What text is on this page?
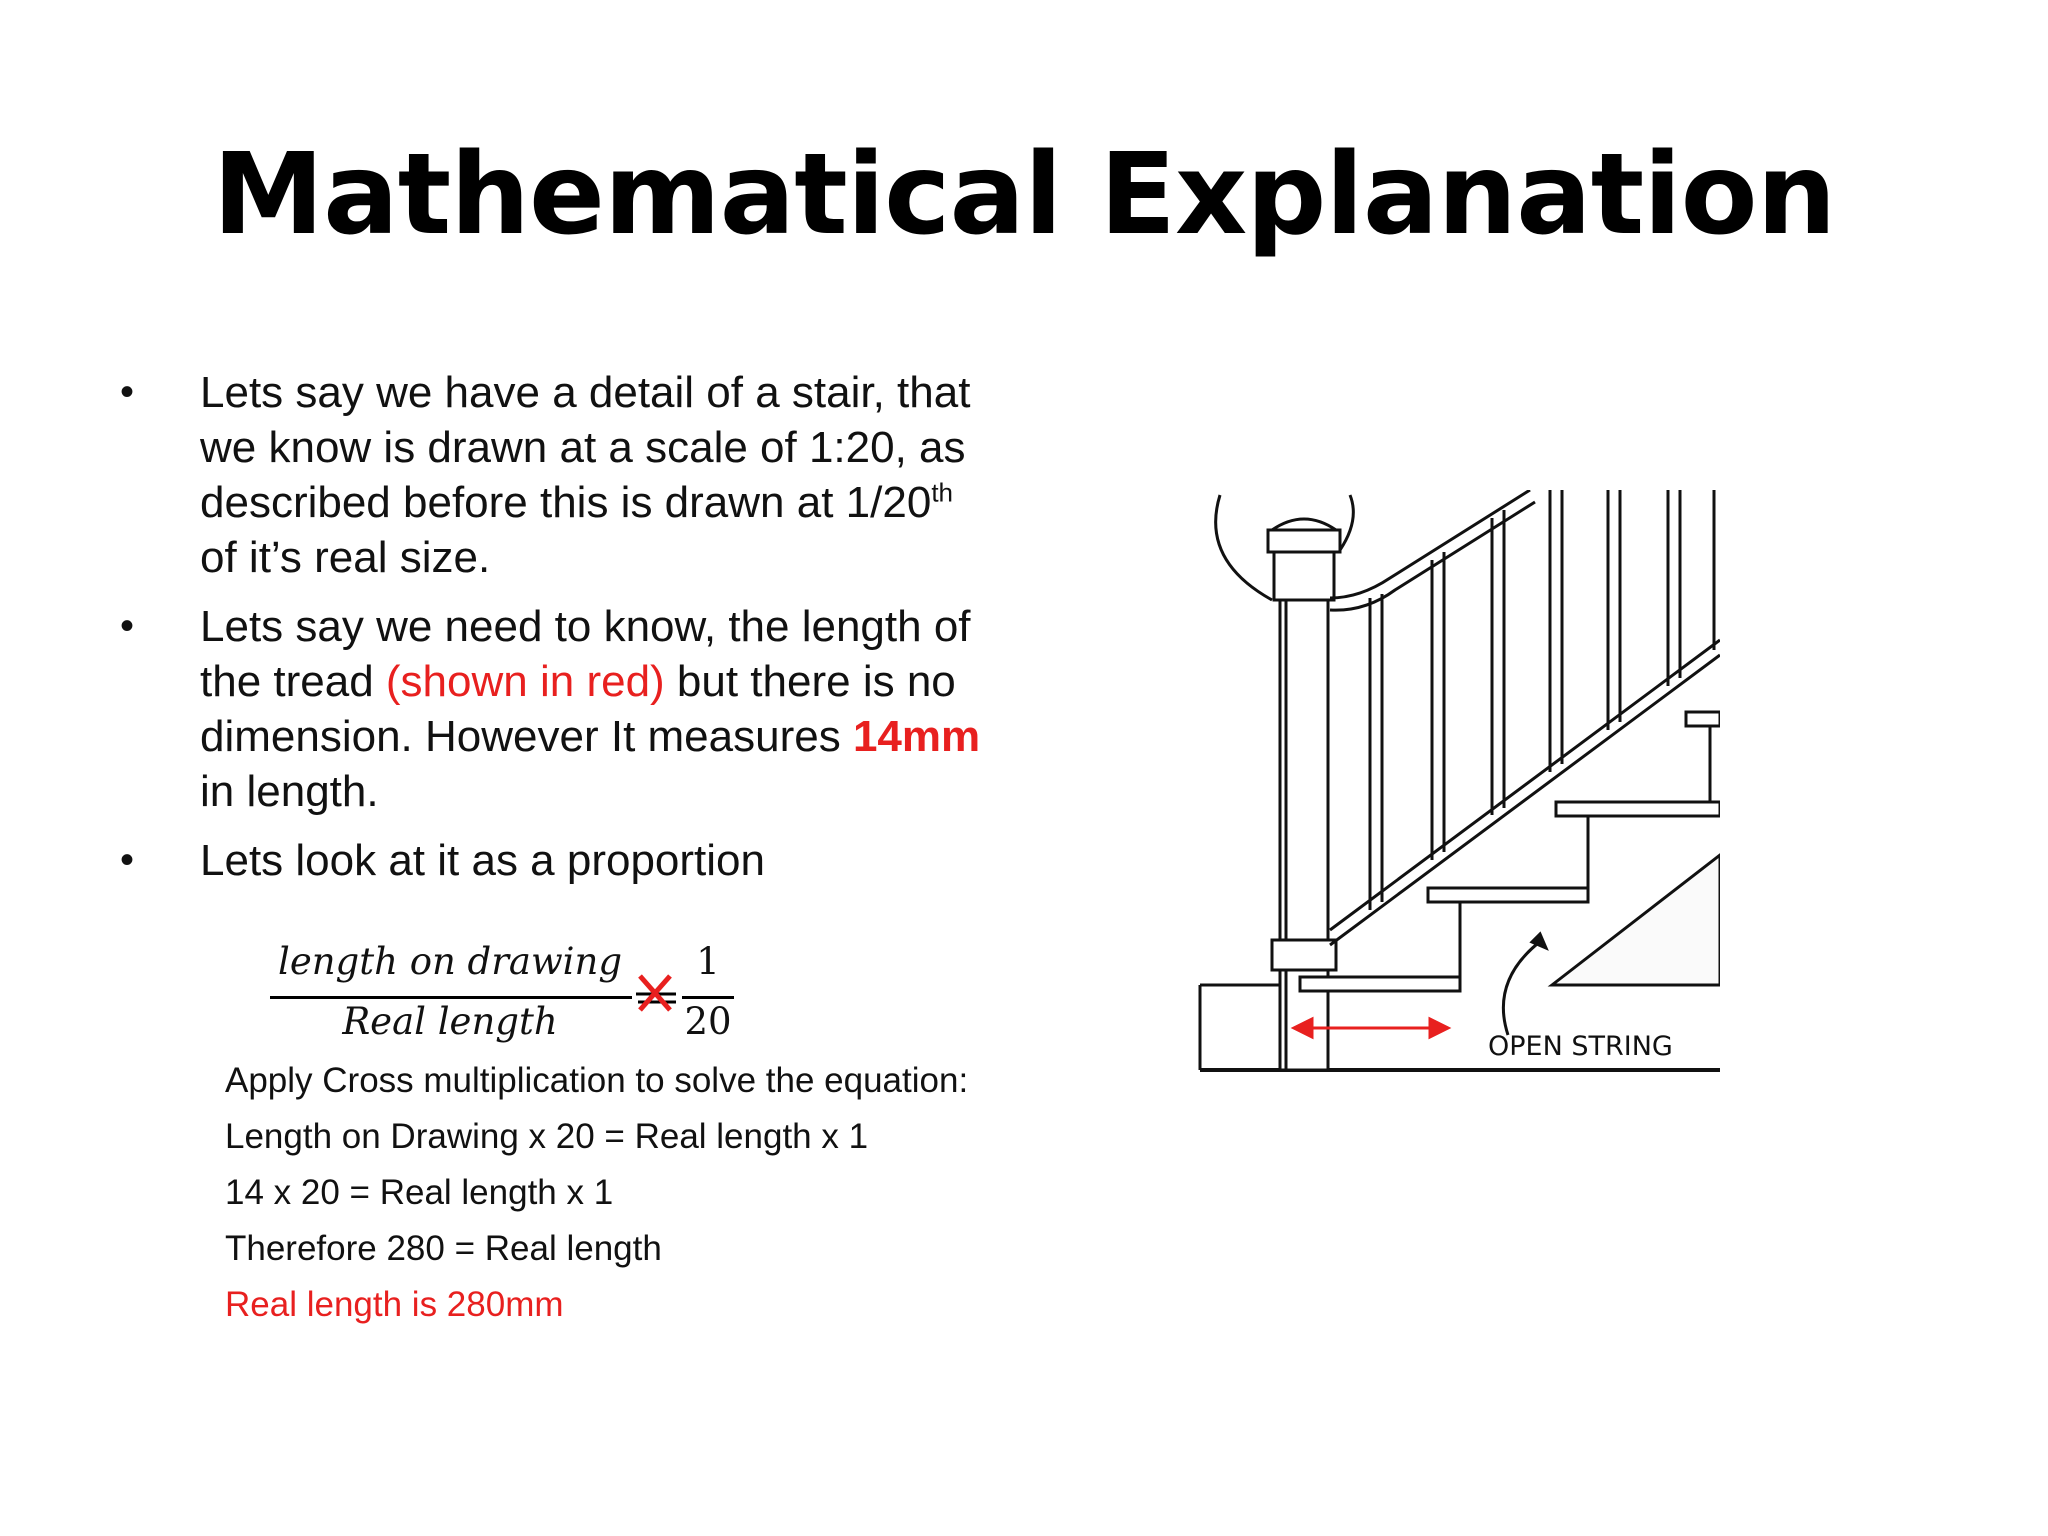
Mathematical Explanation
• Lets say we have a detail of a stair, that we know is drawn at a scale of 1:20, as described before this is drawn at 1/20th of it’s real size.
• Lets say we need to know, the length of the tread (shown in red) but there is no dimension. However It measures 14mm in length.
• Lets look at it as a proportion
length on drawing
Real length
1
20

Apply Cross multiplication to solve the equation:

Length on Drawing x 20 = Real length x 1

14 x 20 = Real length x 1

Therefore 280 = Real length

Real length is 280mm

OPEN STRING
